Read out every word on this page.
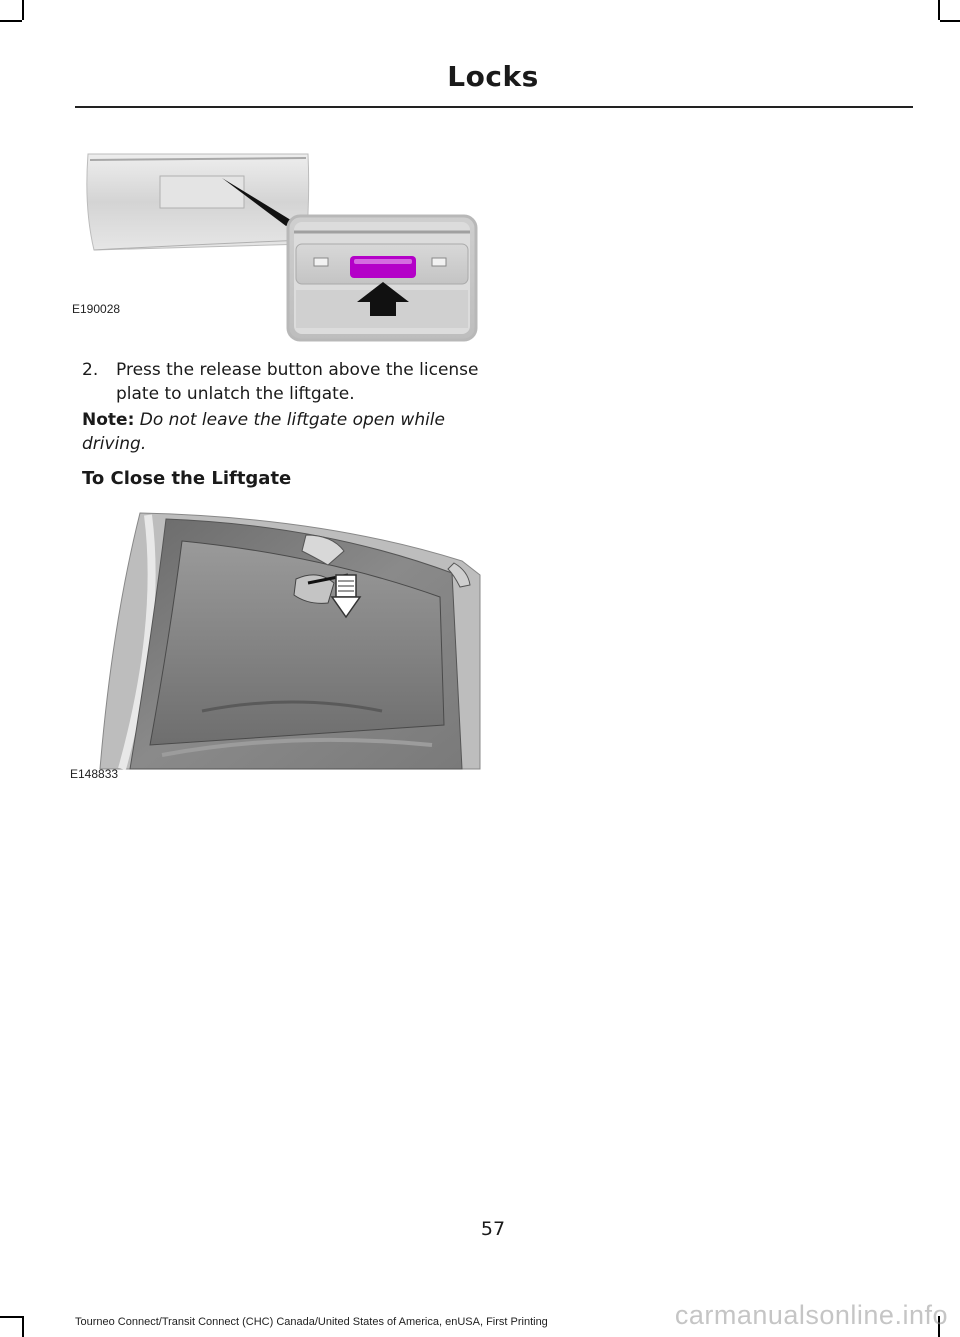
Locks
E190028
2. Press the release button above the license plate to unlatch the liftgate.
Note: Do not leave the liftgate open while driving.
To Close the Liftgate
E148833
57
Tourneo Connect/Transit Connect (CHC) Canada/United States of America, enUSA, First Printing	carmanualsonline.info
